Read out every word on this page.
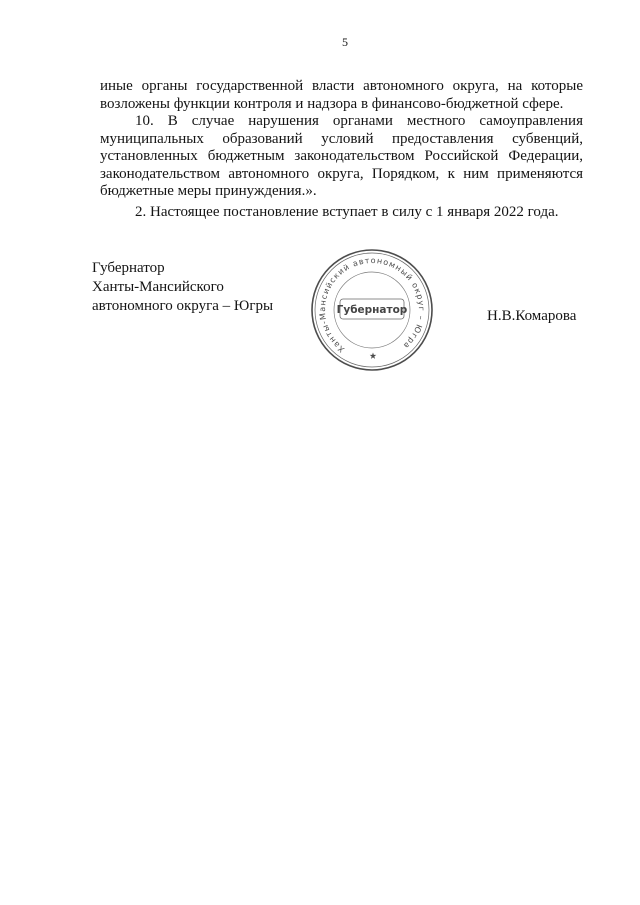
5
иные органы государственной власти автономного округа, на которые
возложены функции контроля и надзора в финансово-бюджетной сфере.
10. В случае нарушения органами местного самоуправления
муниципальных образований условий предоставления субвенций,
установленных бюджетным законодательством Российской Федерации,
законодательством автономного округа, Порядком, к ним применяются
бюджетные меры принуждения.».
2. Настоящее постановление вступает в силу с 1 января 2022 года.
Губернатор
Ханты-Мансийского
автономного округа – Югры
Ханты-Мансийский автономный округ – Югра
Губернатор	Н.В.Комарова
